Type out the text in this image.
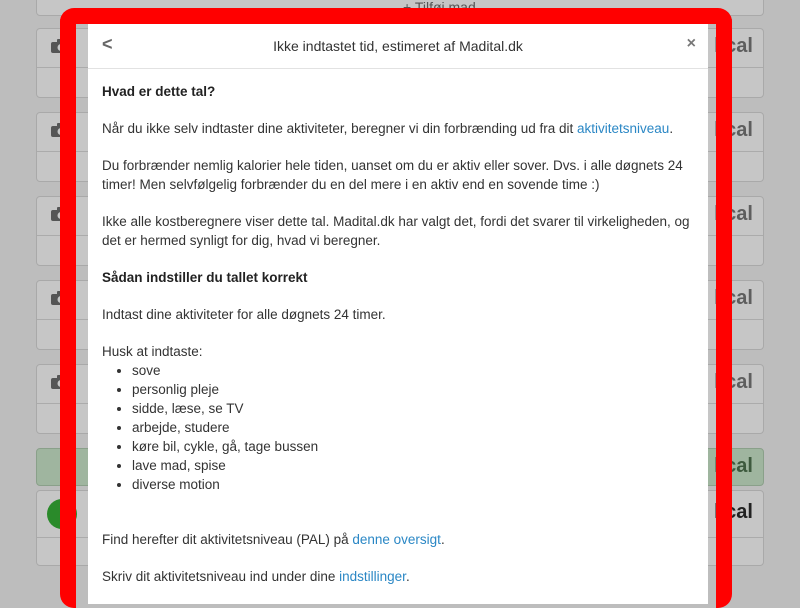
+ Tilføj mad
kcal
kcal
kcal
kcal
kcal
kcal
kcal
<	Ikke indtastet tid, estimeret af Madital.dk	×
Hvad er dette tal?

Når du ikke selv indtaster dine aktiviteter, beregner vi din forbrænding ud fra dit aktivitetsniveau.

Du forbrænder nemlig kalorier hele tiden, uanset om du er aktiv eller sover. Dvs. i alle døgnets 24 timer! Men selvfølgelig forbrænder du en del mere i en aktiv end en sovende time :)

Ikke alle kostberegnere viser dette tal. Madital.dk har valgt det, fordi det svarer til virkeligheden, og det er hermed synligt for dig, hvad vi beregner.

Sådan indstiller du tallet korrekt

Indtast dine aktiviteter for alle døgnets 24 timer.

Husk at indtaste:

• sove
• personlig pleje
• sidde, læse, se TV
• arbejde, studere
• køre bil, cykle, gå, tage bussen
• lave mad, spise
• diverse motion

Find herefter dit aktivitetsniveau (PAL) på denne oversigt.

Skriv dit aktivitetsniveau ind under dine indstillinger.
